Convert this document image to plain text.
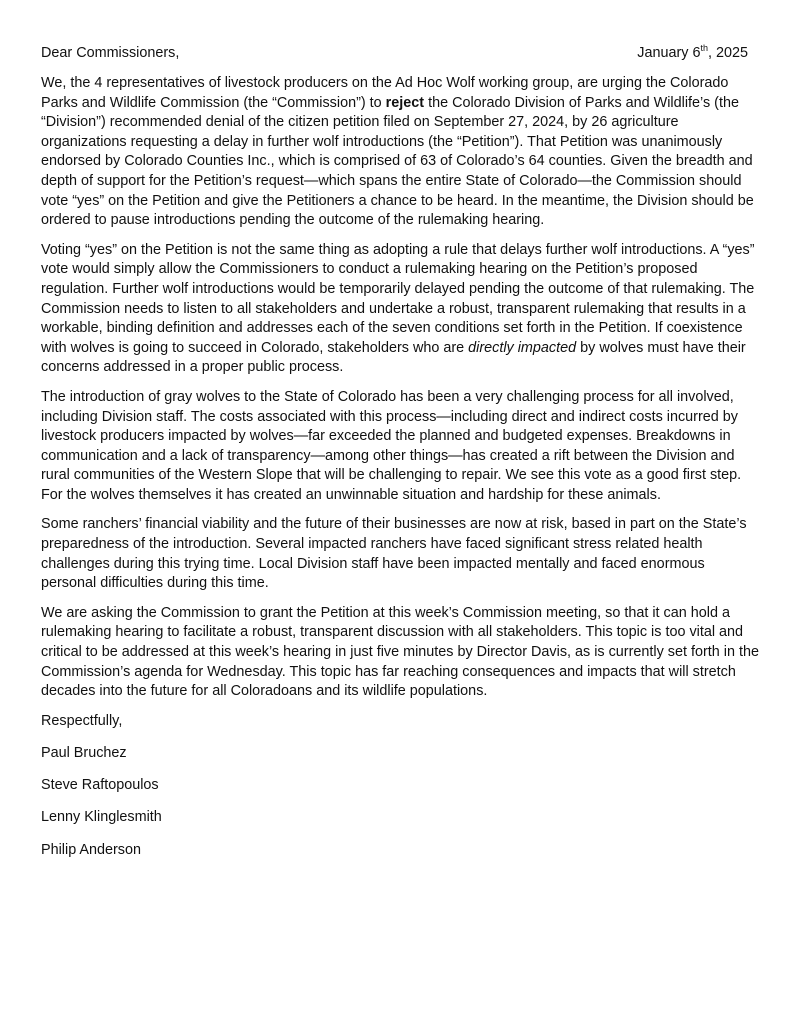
Dear Commissioners,	January 6th, 2025

We, the 4 representatives of livestock producers on the Ad Hoc Wolf working group, are urging the Colorado Parks and Wildlife Commission (the “Commission”) to reject the Colorado Division of Parks and Wildlife’s (the “Division”) recommended denial of the citizen petition filed on September 27, 2024, by 26 agriculture organizations requesting a delay in further wolf introductions (the “Petition”). That Petition was unanimously endorsed by Colorado Counties Inc., which is comprised of 63 of Colorado’s 64 counties. Given the breadth and depth of support for the Petition’s request—which spans the entire State of Colorado—the Commission should vote “yes” on the Petition and give the Petitioners a chance to be heard. In the meantime, the Division should be ordered to pause introductions pending the outcome of the rulemaking hearing.

Voting “yes” on the Petition is not the same thing as adopting a rule that delays further wolf introductions. A “yes” vote would simply allow the Commissioners to conduct a rulemaking hearing on the Petition’s proposed regulation. Further wolf introductions would be temporarily delayed pending the outcome of that rulemaking. The Commission needs to listen to all stakeholders and undertake a robust, transparent rulemaking that results in a workable, binding definition and addresses each of the seven conditions set forth in the Petition. If coexistence with wolves is going to succeed in Colorado, stakeholders who are directly impacted by wolves must have their concerns addressed in a proper public process.

The introduction of gray wolves to the State of Colorado has been a very challenging process for all involved, including Division staff. The costs associated with this process—including direct and indirect costs incurred by livestock producers impacted by wolves—far exceeded the planned and budgeted expenses. Breakdowns in communication and a lack of transparency—among other things—has created a rift between the Division and rural communities of the Western Slope that will be challenging to repair. We see this vote as a good first step. For the wolves themselves it has created an unwinnable situation and hardship for these animals.

Some ranchers’ financial viability and the future of their businesses are now at risk, based in part on the State’s preparedness of the introduction. Several impacted ranchers have faced significant stress related health challenges during this trying time. Local Division staff have been impacted mentally and faced enormous personal difficulties during this time.

We are asking the Commission to grant the Petition at this week’s Commission meeting, so that it can hold a rulemaking hearing to facilitate a robust, transparent discussion with all stakeholders. This topic is too vital and critical to be addressed at this week’s hearing in just five minutes by Director Davis, as is currently set forth in the Commission’s agenda for Wednesday. This topic has far reaching consequences and impacts that will stretch decades into the future for all Coloradoans and its wildlife populations.

Respectfully,

Paul Bruchez

Steve Raftopoulos

Lenny Klinglesmith

Philip Anderson
